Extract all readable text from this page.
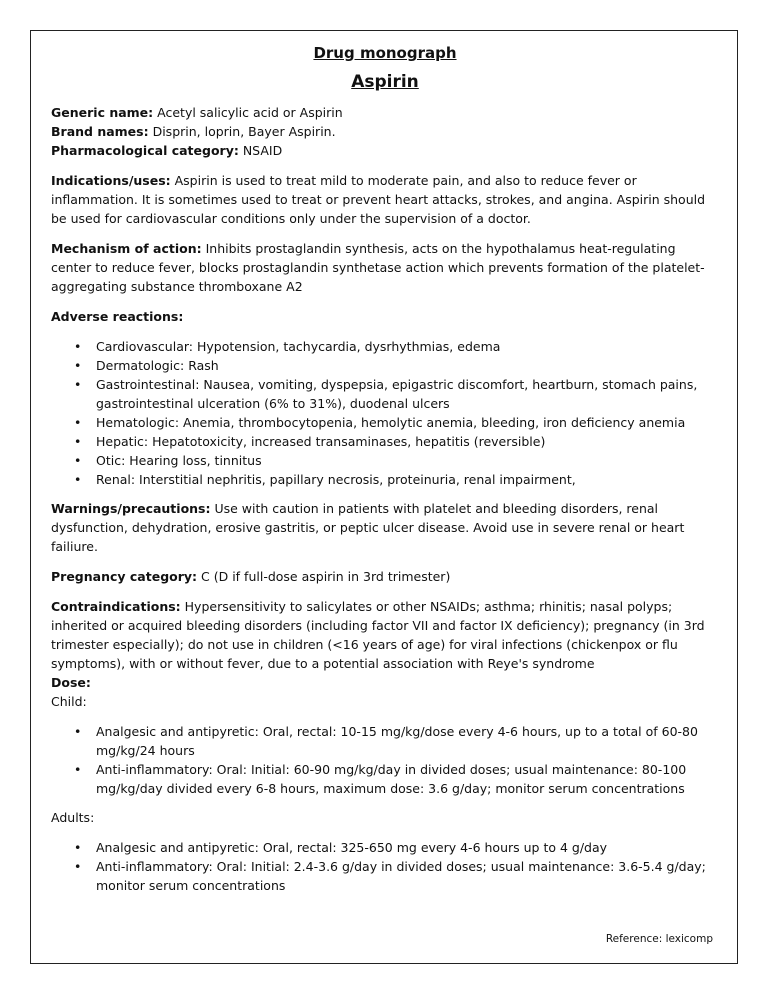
Drug monograph
Aspirin

Generic name: Acetyl salicylic acid or Aspirin

Brand names: Disprin, loprin, Bayer Aspirin.

Pharmacological category: NSAID

Indications/uses: Aspirin is used to treat mild to moderate pain, and also to reduce fever or inflammation. It is sometimes used to treat or prevent heart attacks, strokes, and angina. Aspirin should be used for cardiovascular conditions only under the supervision of a doctor.

Mechanism of action: Inhibits prostaglandin synthesis, acts on the hypothalamus heat-regulating center to reduce fever, blocks prostaglandin synthetase action which prevents formation of the platelet-aggregating substance thromboxane A2

Adverse reactions:

• Cardiovascular: Hypotension, tachycardia, dysrhythmias, edema
• Dermatologic: Rash
• Gastrointestinal: Nausea, vomiting, dyspepsia, epigastric discomfort, heartburn, stomach pains, gastrointestinal ulceration (6% to 31%), duodenal ulcers
• Hematologic: Anemia, thrombocytopenia, hemolytic anemia, bleeding, iron deficiency anemia
• Hepatic: Hepatotoxicity, increased transaminases, hepatitis (reversible)
• Otic: Hearing loss, tinnitus
• Renal: Interstitial nephritis, papillary necrosis, proteinuria, renal impairment,

Warnings/precautions: Use with caution in patients with platelet and bleeding disorders, renal dysfunction, dehydration, erosive gastritis, or peptic ulcer disease. Avoid use in severe renal or heart failiure.

Pregnancy category: C (D if full-dose aspirin in 3rd trimester)

Contraindications: Hypersensitivity to salicylates or other NSAIDs; asthma; rhinitis; nasal polyps; inherited or acquired bleeding disorders (including factor VII and factor IX deficiency); pregnancy (in 3rd trimester especially); do not use in children (<16 years of age) for viral infections (chickenpox or flu symptoms), with or without fever, due to a potential association with Reye's syndrome

Dose:

Child:

• Analgesic and antipyretic: Oral, rectal: 10-15 mg/kg/dose every 4-6 hours, up to a total of 60-80 mg/kg/24 hours
• Anti-inflammatory: Oral: Initial: 60-90 mg/kg/day in divided doses; usual maintenance: 80-100 mg/kg/day divided every 6-8 hours, maximum dose: 3.6 g/day; monitor serum concentrations

Adults:

• Analgesic and antipyretic: Oral, rectal: 325-650 mg every 4-6 hours up to 4 g/day
• Anti-inflammatory: Oral: Initial: 2.4-3.6 g/day in divided doses; usual maintenance: 3.6-5.4 g/day; monitor serum concentrations
Reference: lexicomp
